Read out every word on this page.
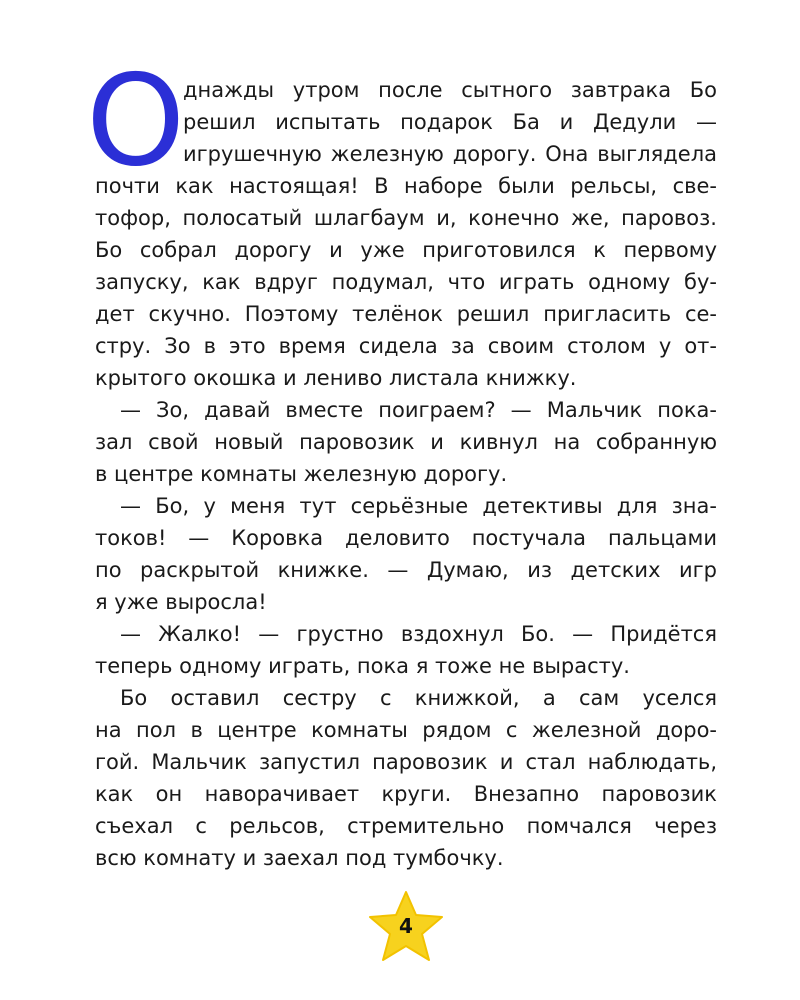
О
днажды утром после сытного завтрака Бо
решил испытать подарок Ба и Дедули —
игрушечную железную дорогу. Она выглядела
почти как настоящая! В наборе были рельсы, све-
тофор, полосатый шлагбаум и, конечно же, паровоз.
Бо собрал дорогу и уже приготовился к первому
запуску, как вдруг подумал, что играть одному бу-
дет скучно. Поэтому телёнок решил пригласить се-
стру. Зо в это время сидела за своим столом у от-
крытого окошка и лениво листала книжку.
— Зо, давай вместе поиграем? — Мальчик пока-
зал свой новый паровозик и кивнул на собранную
в центре комнаты железную дорогу.
— Бо, у меня тут серьёзные детективы для зна-
токов! — Коровка деловито постучала пальцами
по раскрытой книжке. — Думаю, из детских игр
я уже выросла!
— Жалко! — грустно вздохнул Бо. — Придётся
теперь одному играть, пока я тоже не вырасту.
Бо оставил сестру с книжкой, а сам уселся
на пол в центре комнаты рядом с железной доро-
гой. Мальчик запустил паровозик и стал наблюдать,
как он наворачивает круги. Внезапно паровозик
съехал с рельсов, стремительно помчался через
всю комнату и заехал под тумбочку.
4
